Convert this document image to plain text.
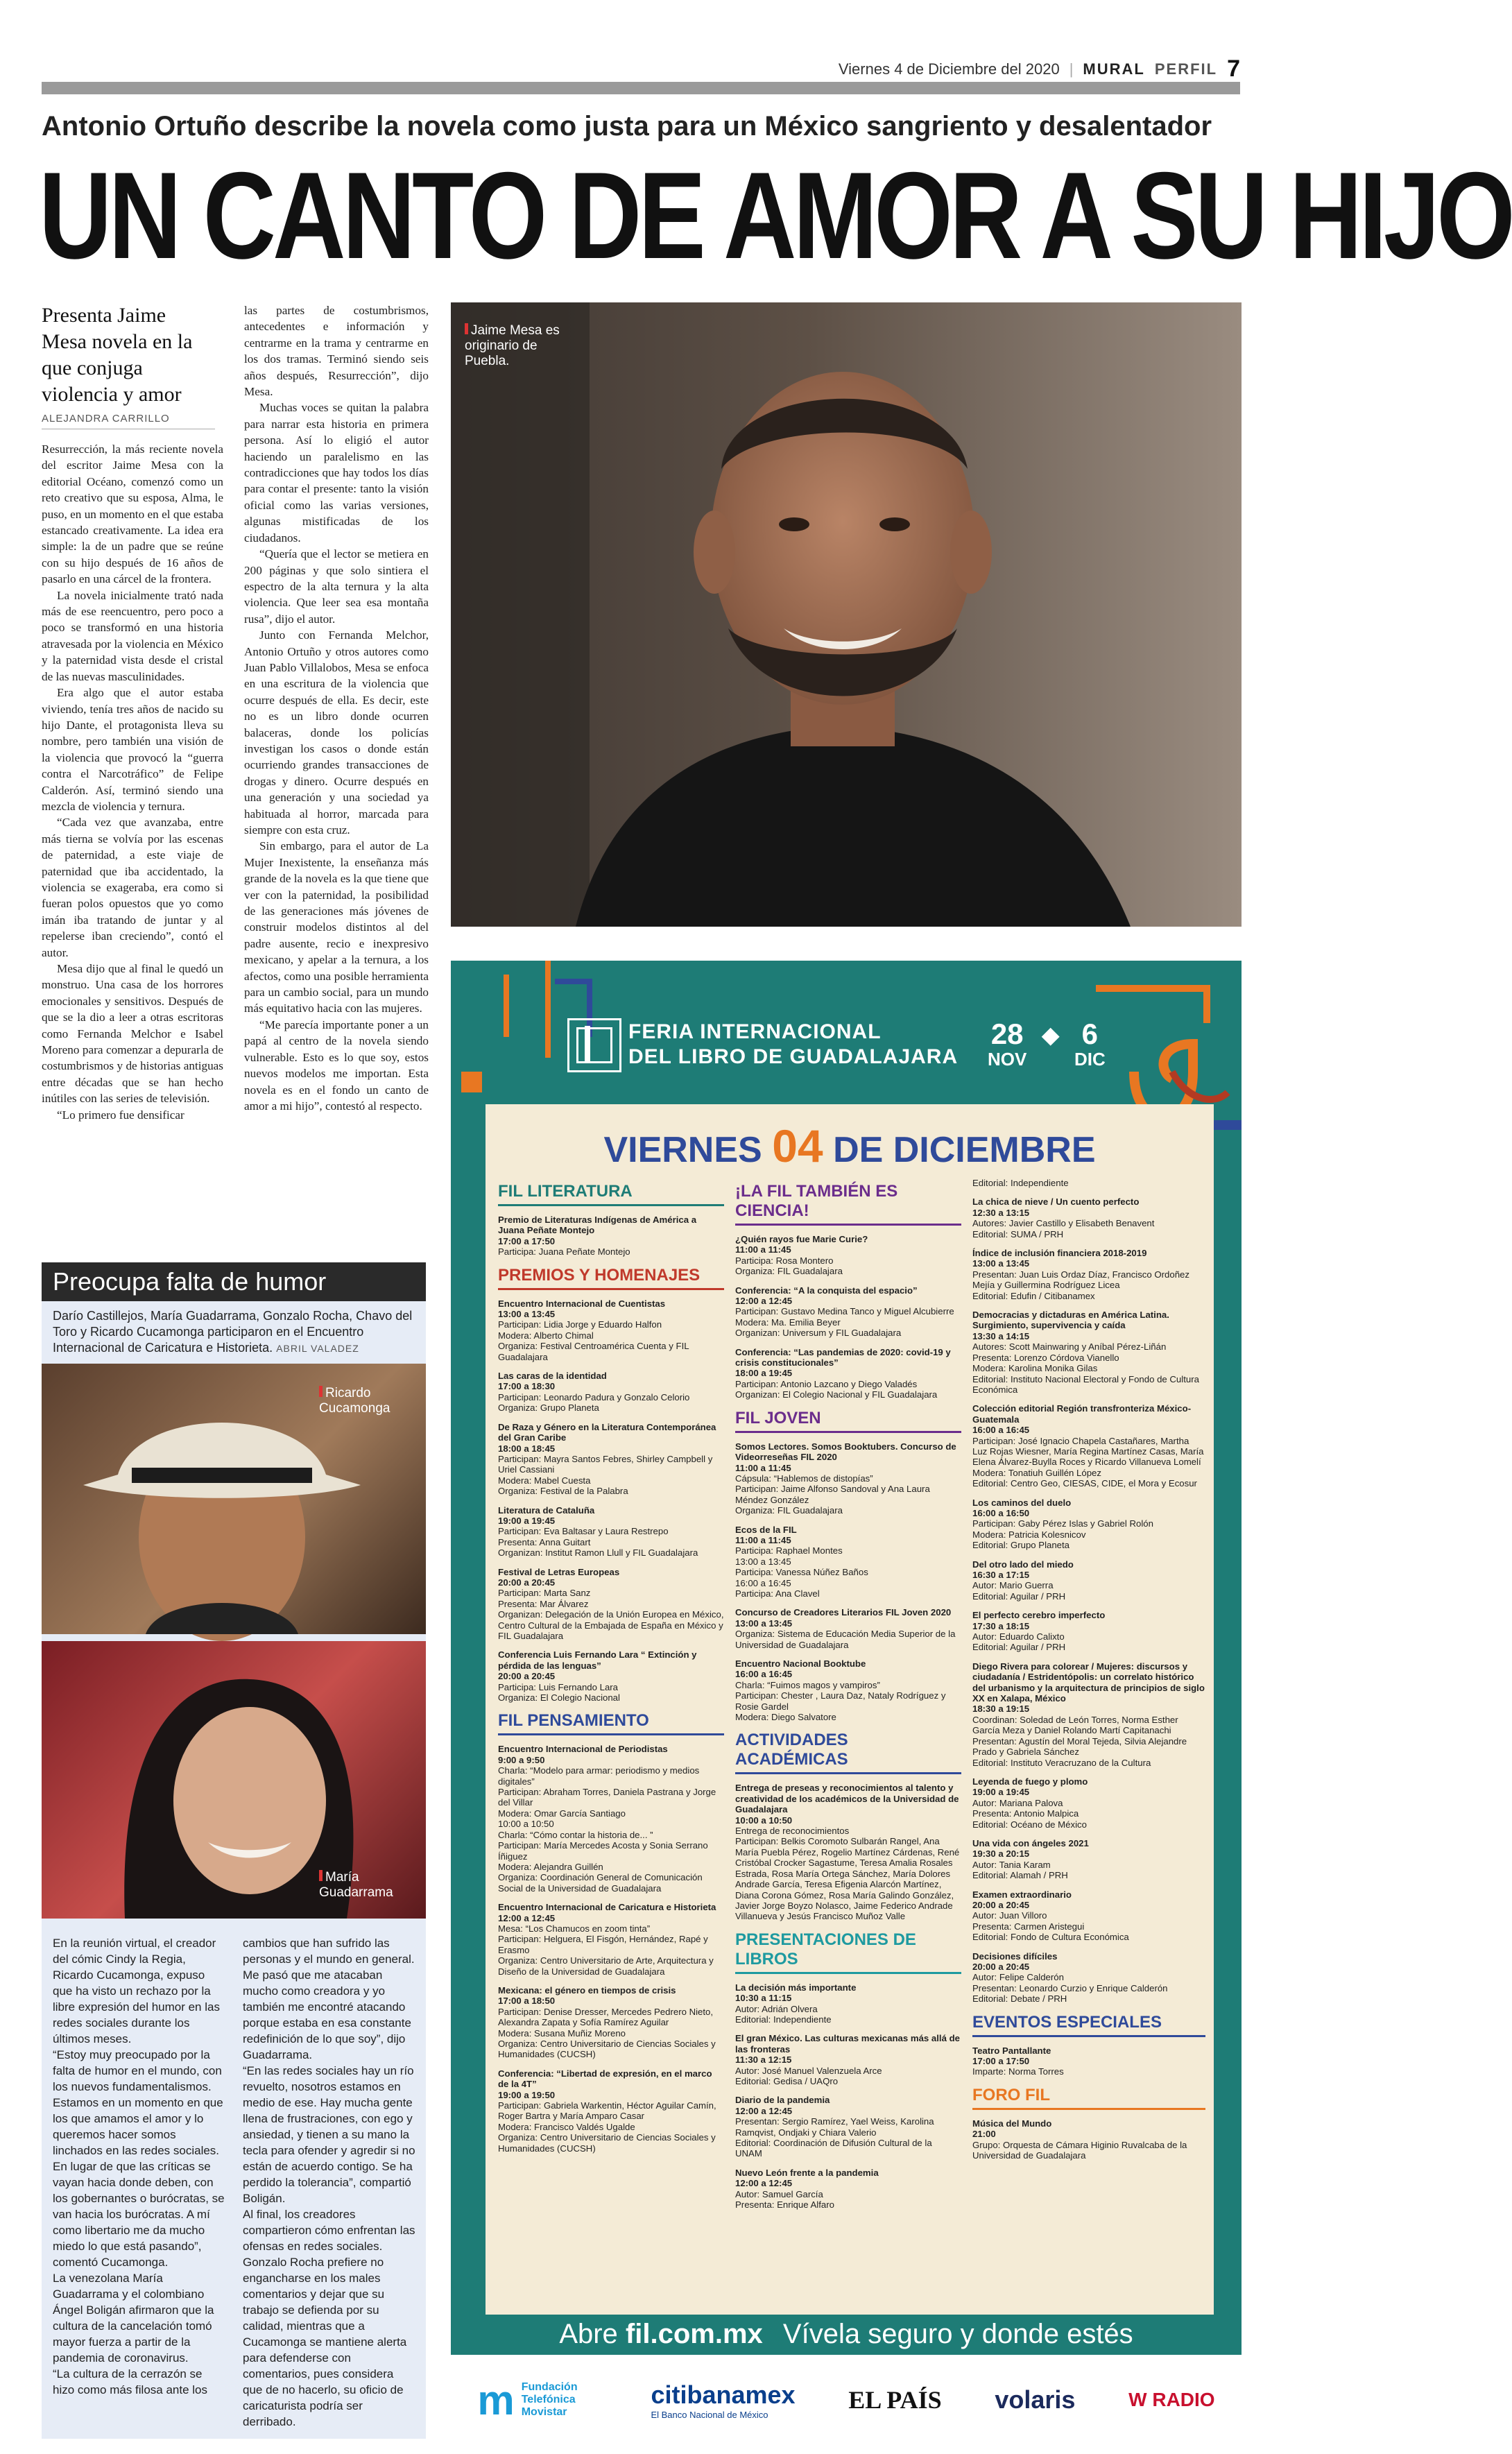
Viernes 4 de Diciembre del 2020 | MURAL PERFIL 7
Antonio Ortuño describe la novela como justa para un México sangriento y desalentador
UN CANTO DE AMOR A SU HIJO
Presenta Jaime Mesa novela en la que conjuga violencia y amor
ALEJANDRA CARRILLO

Resurrección, la más reciente novela del escritor Jaime Mesa con la editorial Océano, comenzó como un reto creativo que su esposa, Alma, le puso, en un momento en el que estaba estancado creativamente. La idea era simple: la de un padre que se reúne con su hijo después de 16 años de pasarlo en una cárcel de la frontera.

La novela inicialmente trató nada más de ese reencuentro, pero poco a poco se transformó en una historia atravesada por la violencia en México y la paternidad vista desde el cristal de las nuevas masculinidades.

Era algo que el autor estaba viviendo, tenía tres años de nacido su hijo Dante, el protagonista lleva su nombre, pero también una visión de la violencia que provocó la “guerra contra el Narcotráfico” de Felipe Calderón. Así, terminó siendo una mezcla de violencia y ternura.

“Cada vez que avanzaba, entre más tierna se volvía por las escenas de paternidad, a este viaje de paternidad que iba accidentado, la violencia se exageraba, era como si fueran polos opuestos que yo como imán iba tratando de juntar y al repelerse iban creciendo”, contó el autor.

Mesa dijo que al final le quedó un monstruo. Una casa de los horrores emocionales y sensitivos. Después de que se la dio a leer a otras escritoras como Fernanda Melchor e Isabel Moreno para comenzar a depurarla de costumbrismos y de historias antiguas entre décadas que se han hecho inútiles con las series de televisión.

“Lo primero fue densificar

las partes de costumbrismos, antecedentes e información y centrarme en la trama y centrarme en los dos tramas. Terminó siendo seis años después, Resurrección”, dijo Mesa.

Muchas voces se quitan la palabra para narrar esta historia en primera persona. Así lo eligió el autor haciendo un paralelismo en las contradicciones que hay todos los días para contar el presente: tanto la visión oficial como las varias versiones, algunas mistificadas de los ciudadanos.

“Quería que el lector se metiera en 200 páginas y que solo sintiera el espectro de la alta ternura y la alta violencia. Que leer sea esa montaña rusa”, dijo el autor.

Junto con Fernanda Melchor, Antonio Ortuño y otros autores como Juan Pablo Villalobos, Mesa se enfoca en una escritura de la violencia que ocurre después de ella. Es decir, este no es un libro donde ocurren balaceras, donde los policías investigan los casos o donde están ocurriendo grandes transacciones de drogas y dinero. Ocurre después en una generación y una sociedad ya habituada al horror, marcada para siempre con esta cruz.

Sin embargo, para el autor de La Mujer Inexistente, la enseñanza más grande de la novela es la que tiene que ver con la paternidad, la posibilidad de las generaciones más jóvenes de construir modelos distintos al del padre ausente, recio e inexpresivo mexicano, y apelar a la ternura, a los afectos, como una posible herramienta para un cambio social, para un mundo más equitativo hacia con las mujeres.

“Me parecía importante poner a un papá al centro de la novela siendo vulnerable. Esto es lo que soy, estos nuevos modelos me importan. Esta novela es en el fondo un canto de amor a mi hijo”, contestó al respecto.

Jaime Mesa es originario de Puebla.
Preocupa falta de humor
Darío Castillejos, María Guadarrama, Gonzalo Rocha, Chavo del Toro y Ricardo Cucamonga participaron en el Encuentro Internacional de Caricatura e Historieta. ABRIL VALADEZ
Ricardo Cucamonga
María Guadarrama

En la reunión virtual, el creador del cómic Cindy la Regia, Ricardo Cucamonga, expuso que ha visto un rechazo por la libre expresión del humor en las redes sociales durante los últimos meses.

“Estoy muy preocupado por la falta de humor en el mundo, con los nuevos fundamentalismos. Estamos en un momento en que los que amamos el amor y lo queremos hacer somos linchados en las redes sociales. En lugar de que las críticas se vayan hacia donde deben, con los gobernantes o burócratas, se van hacia los burócratas. A mí como libertario me da mucho miedo lo que está pasando”, comentó Cucamonga.

La venezolana María Guadarrama y el colombiano Ángel Boligán afirmaron que la cultura de la cancelación tomó mayor fuerza a partir de la pandemia de coronavirus.

“La cultura de la cerrazón se hizo como más filosa ante los

cambios que han sufrido las personas y el mundo en general. Me pasó que me atacaban mucho como creadora y yo también me encontré atacando porque estaba en esa constante redefinición de lo que soy”, dijo Guadarrama.

“En las redes sociales hay un río revuelto, nosotros estamos en medio de ese. Hay mucha gente llena de frustraciones, con ego y ansiedad, y tienen a su mano la tecla para ofender y agredir si no están de acuerdo contigo. Se ha perdido la tolerancia”, compartió Boligán.

Al final, los creadores compartieron cómo enfrentan las ofensas en redes sociales. Gonzalo Rocha prefiere no engancharse en los males comentarios y dejar que su trabajo se defienda por su calidad, mientras que a Cucamonga se mantiene alerta para defenderse con comentarios, pues considera que de no hacerlo, su oficio de caricaturista podría ser derribado.

FERIA INTERNACIONAL
DEL LIBRO DE GUADALAJARA
28
NOV
◆ 6
DIC
VIERNES 04 DE DICIEMBRE
FIL LITERATURA
Premio de Literaturas Indígenas de América a Juana Peñate Montejo
17:00 a 17:50
Participa: Juana Peñate Montejo
PREMIOS Y HOMENAJES
Encuentro Internacional de Cuentistas
13:00 a 13:45
Participan: Lidia Jorge y Eduardo Halfon
Modera: Alberto Chimal
Organiza: Festival Centroamérica Cuenta y FIL Guadalajara
Las caras de la identidad
17:00 a 18:30
Participan: Leonardo Padura y Gonzalo Celorio
Organiza: Grupo Planeta
De Raza y Género en la Literatura Contemporánea del Gran Caribe
18:00 a 18:45
Participan: Mayra Santos Febres, Shirley Campbell y Uriel Cassiani
Modera: Mabel Cuesta
Organiza: Festival de la Palabra
Literatura de Cataluña
19:00 a 19:45
Participan: Eva Baltasar y Laura Restrepo
Presenta: Anna Guitart
Organizan: Institut Ramon Llull y FIL Guadalajara
Festival de Letras Europeas
20:00 a 20:45
Participan: Marta Sanz
Presenta: Mar Álvarez
Organizan: Delegación de la Unión Europea en México, Centro Cultural de la Embajada de España en México y FIL Guadalajara
Conferencia Luis Fernando Lara “ Extinción y pérdida de las lenguas”
20:00 a 20:45
Participa: Luis Fernando Lara
Organiza: El Colegio Nacional
FIL PENSAMIENTO
Encuentro Internacional de Periodistas
9:00 a 9:50
Charla: “Modelo para armar: periodismo y medios digitales”
Participan: Abraham Torres, Daniela Pastrana y Jorge del Villar
Modera: Omar García Santiago
10:00 a 10:50
Charla: “Cómo contar la historia de... ”
Participan: María Mercedes Acosta y Sonia Serrano Íñiguez
Modera: Alejandra Guillén
Organiza: Coordinación General de Comunicación Social de la Universidad de Guadalajara
Encuentro Internacional de Caricatura e Historieta
12:00 a 12:45
Mesa: “Los Chamucos en zoom tinta”
Participan: Helguera, El Fisgón, Hernández, Rapé y Erasmo
Organiza: Centro Universitario de Arte, Arquitectura y Diseño de la Universidad de Guadalajara
Mexicana: el género en tiempos de crisis
17:00 a 18:50
Participan: Denise Dresser, Mercedes Pedrero Nieto, Alexandra Zapata y Sofía Ramírez Aguilar
Modera: Susana Muñiz Moreno
Organiza: Centro Universitario de Ciencias Sociales y Humanidades (CUCSH)
Conferencia: “Libertad de expresión, en el marco de la 4T”
19:00 a 19:50
Participan: Gabriela Warkentin, Héctor Aguilar Camín, Roger Bartra y María Amparo Casar
Modera: Francisco Valdés Ugalde
Organiza: Centro Universitario de Ciencias Sociales y Humanidades (CUCSH)
¡LA FIL TAMBIÉN ES CIENCIA!
¿Quién rayos fue Marie Curie?
11:00 a 11:45
Participa: Rosa Montero
Organiza: FIL Guadalajara
Conferencia: “A la conquista del espacio”
12:00 a 12:45
Participan: Gustavo Medina Tanco y Miguel Alcubierre
Modera: Ma. Emilia Beyer
Organizan: Universum y FIL Guadalajara
Conferencia: “Las pandemias de 2020: covid-19 y crisis constitucionales”
18:00 a 19:45
Participan: Antonio Lazcano y Diego Valadés
Organizan: El Colegio Nacional y FIL Guadalajara
FIL JOVEN
Somos Lectores. Somos Booktubers. Concurso de Videorreseñas FIL 2020
11:00 a 11:45
Cápsula: “Hablemos de distopías”
Participan: Jaime Alfonso Sandoval y Ana Laura Méndez González
Organiza: FIL Guadalajara
Ecos de la FIL
11:00 a 11:45
Participa: Raphael Montes
13:00 a 13:45
Participa: Vanessa Núñez Baños
16:00 a 16:45
Participa: Ana Clavel
Concurso de Creadores Literarios FIL Joven 2020
13:00 a 13:45
Organiza: Sistema de Educación Media Superior de la Universidad de Guadalajara
Encuentro Nacional Booktube
16:00 a 16:45
Charla: “Fuimos magos y vampiros”
Participan: Chester , Laura Daz, Nataly Rodríguez y Rosie Gardel
Modera: Diego Salvatore
ACTIVIDADES ACADÉMICAS
Entrega de preseas y reconocimientos al talento y creatividad de los académicos de la Universidad de Guadalajara
10:00 a 10:50
Entrega de reconocimientos
Participan: Belkis Coromoto Sulbarán Rangel, Ana María Puebla Pérez, Rogelio Martínez Cárdenas, René Cristóbal Crocker Sagastume, Teresa Amalia Rosales Estrada, Rosa María Ortega Sánchez, María Dolores Andrade García, Teresa Efigenia Alarcón Martínez, Diana Corona Gómez, Rosa María Galindo González, Javier Jorge Boyzo Nolasco, Jaime Federico Andrade Villanueva y Jesús Francisco Muñoz Valle
PRESENTACIONES DE LIBROS
La decisión más importante
10:30 a 11:15
Autor: Adrián Olvera
Editorial: Independiente
El gran México. Las culturas mexicanas más allá de las fronteras
11:30 a 12:15
Autor: José Manuel Valenzuela Arce
Editorial: Gedisa / UAQro
Diario de la pandemia
12:00 a 12:45
Presentan: Sergio Ramírez, Yael Weiss, Karolina Ramqvist, Ondjaki y Chiara Valerio
Editorial: Coordinación de Difusión Cultural de la UNAM
Nuevo León frente a la pandemia
12:00 a 12:45
Autor: Samuel García
Presenta: Enrique Alfaro
Editorial: Independiente
La chica de nieve / Un cuento perfecto
12:30 a 13:15
Autores: Javier Castillo y Elisabeth Benavent
Editorial: SUMA / PRH
Índice de inclusión financiera 2018-2019
13:00 a 13:45
Presentan: Juan Luis Ordaz Díaz, Francisco Ordoñez Mejía y Guillermina Rodríguez Licea
Editorial: Edufin / Citibanamex
Democracias y dictaduras en América Latina. Surgimiento, supervivencia y caída
13:30 a 14:15
Autores: Scott Mainwaring y Aníbal Pérez-Liñán
Presenta: Lorenzo Córdova Vianello
Modera: Karolina Monika Gilas
Editorial: Instituto Nacional Electoral y Fondo de Cultura Económica
Colección editorial Región transfronteriza México-Guatemala
16:00 a 16:45
Participan: José Ignacio Chapela Castañares, Martha Luz Rojas Wiesner, María Regina Martínez Casas, María Elena Álvarez-Buylla Roces y Ricardo Villanueva Lomelí
Modera: Tonatiuh Guillén López
Editorial: Centro Geo, CIESAS, CIDE, el Mora y Ecosur
Los caminos del duelo
16:00 a 16:50
Participan: Gaby Pérez Islas y Gabriel Rolón
Modera: Patricia Kolesnicov
Editorial: Grupo Planeta
Del otro lado del miedo
16:30 a 17:15
Autor: Mario Guerra
Editorial: Aguilar / PRH
El perfecto cerebro imperfecto
17:30 a 18:15
Autor: Eduardo Calixto
Editorial: Aguilar / PRH
Diego Rivera para colorear / Mujeres: discursos y ciudadanía / Estridentópolis: un correlato histórico del urbanismo y la arquitectura de principios de siglo XX en Xalapa, México
18:30 a 19:15
Coordinan: Soledad de León Torres, Norma Esther García Meza y Daniel Rolando Martí Capitanachi
Presentan: Agustín del Moral Tejeda, Silvia Alejandre Prado y Gabriela Sánchez
Editorial: Instituto Veracruzano de la Cultura
Leyenda de fuego y plomo
19:00 a 19:45
Autor: Mariana Palova
Presenta: Antonio Malpica
Editorial: Océano de México
Una vida con ángeles 2021
19:30 a 20:15
Autor: Tania Karam
Editorial: Alamah / PRH
Examen extraordinario
20:00 a 20:45
Autor: Juan Villoro
Presenta: Carmen Aristegui
Editorial: Fondo de Cultura Económica
Decisiones difíciles
20:00 a 20:45
Autor: Felipe Calderón
Presentan: Leonardo Curzio y Enrique Calderón
Editorial: Debate / PRH
EVENTOS ESPECIALES
Teatro Pantallante
17:00 a 17:50
Imparte: Norma Torres
FORO FIL
Música del Mundo
21:00
Grupo: Orquesta de Cámara Higinio Ruvalcaba de la Universidad de Guadalajara
Abre fil.com.mx Vívela seguro y donde estés
m Fundación Telefónica Movistar
citibanamex
El Banco Nacional de México
EL PAÍS volaris	W RADIO
